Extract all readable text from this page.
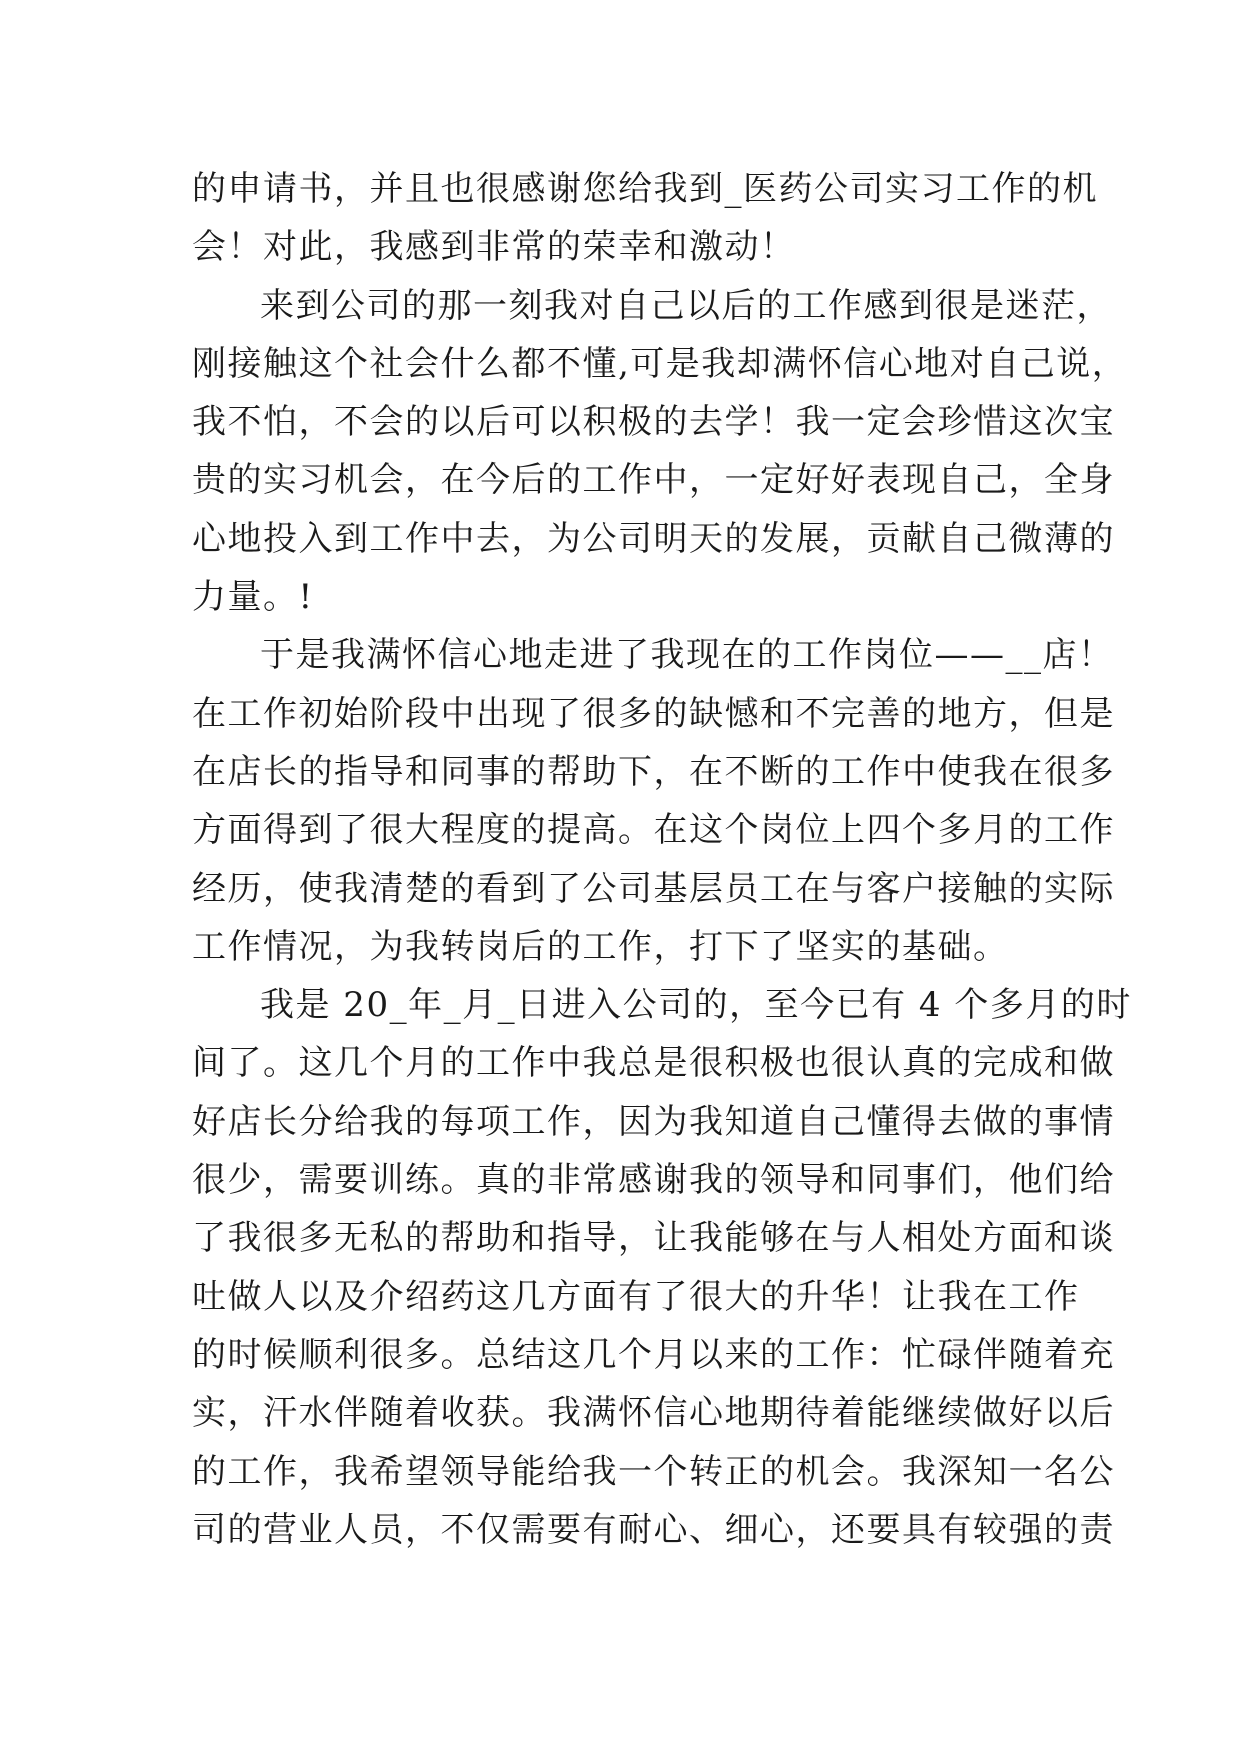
的申请书，并且也很感谢您给我到_医药公司实习工作的机
会！对此，我感到非常的荣幸和激动！
来到公司的那一刻我对自己以后的工作感到很是迷茫，
刚接触这个社会什么都不懂,可是我却满怀信心地对自己说，
我不怕，不会的以后可以积极的去学！我一定会珍惜这次宝
贵的实习机会，在今后的工作中，一定好好表现自己，全身
心地投入到工作中去，为公司明天的发展，贡献自己微薄的
力量。!
于是我满怀信心地走进了我现在的工作岗位——__店！
在工作初始阶段中出现了很多的缺憾和不完善的地方，但是
在店长的指导和同事的帮助下，在不断的工作中使我在很多
方面得到了很大程度的提高。在这个岗位上四个多月的工作
经历，使我清楚的看到了公司基层员工在与客户接触的实际
工作情况，为我转岗后的工作，打下了坚实的基础。
我是 20_年_月_日进入公司的，至今已有 4 个多月的时
间了。这几个月的工作中我总是很积极也很认真的完成和做
好店长分给我的每项工作，因为我知道自己懂得去做的事情
很少，需要训练。真的非常感谢我的领导和同事们，他们给
了我很多无私的帮助和指导，让我能够在与人相处方面和谈
吐做人以及介绍药这几方面有了很大的升华！让我在工作
的时候顺利很多。总结这几个月以来的工作：忙碌伴随着充
实，汗水伴随着收获。我满怀信心地期待着能继续做好以后
的工作，我希望领导能给我一个转正的机会。我深知一名公
司的营业人员，不仅需要有耐心、细心，还要具有较强的责
